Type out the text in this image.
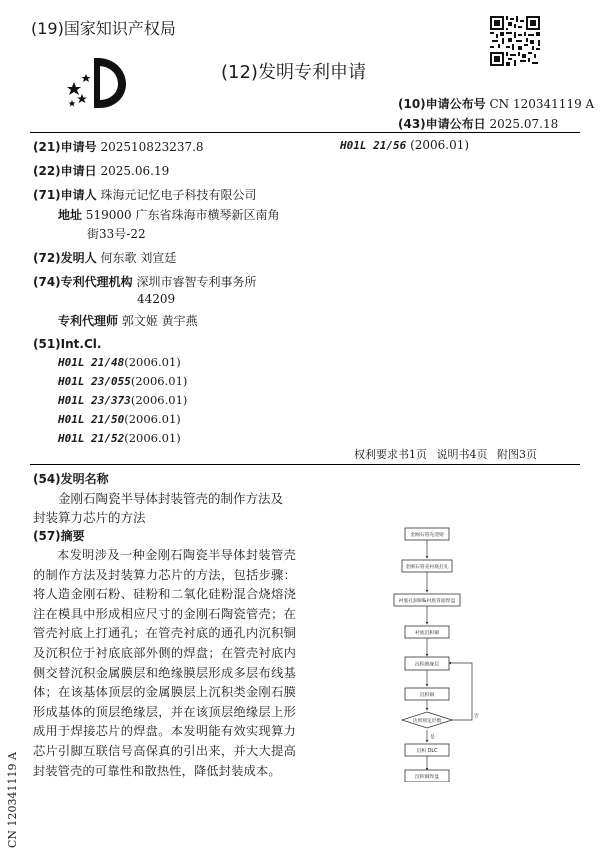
(19)国家知识产权局
(12)发明专利申请
(10)申请公布号 CN 120341119 A
(43)申请公布日 2025.07.18
(21)申请号 202510823237.8	H01L 21/56 (2006.01)
(22)申请日 2025.06.19
(71)申请人 珠海元记忆电子科技有限公司
地址 519000 广东省珠海市横琴新区南角
街33号-22
(72)发明人 何东歌 刘宣廷
(74)专利代理机构 深圳市睿智专利事务所
44209
专利代理师 郭文姬 黄宇燕
(51)Int.Cl.
H01L 21/48(2006.01)
H01L 23/055(2006.01)
H01L 23/373(2006.01)
H01L 21/50(2006.01)
H01L 21/52(2006.01)
权利要求书1页 说明书4页 附图3页
(54)发明名称
金刚石陶瓷半导体封装管壳的制作方法及
封装算力芯片的方法
(57)摘要
本发明涉及一种金刚石陶瓷半导体封装管壳的制作方法及封装算力芯片的方法，包括步骤：将人造金刚石粉、硅粉和二氧化硅粉混合烧熔浇注在模具中形成相应尺寸的金刚石陶瓷管壳；在管壳衬底上打通孔；在管壳衬底的通孔内沉积铜及沉积位于衬底底部外侧的焊盘；在管壳衬底内侧交替沉积金属膜层和绝缘膜层形成多层布线基体；在该基体顶层的金属膜层上沉积类金刚石膜形成基体的顶层绝缘层，并在该顶层绝缘层上形成用于焊接芯片的焊盘。本发明能有效实现算力芯片引脚互联信号高保真的引出来，并大大提高封装管壳的可靠性和散热性，降低封装成本。
金刚石管壳浇铸
金刚石管壳衬底打孔
衬底孔洞铜&衬底背面焊盘
衬底沉积铜
沉积绝缘层
沉积铜
达到预定层数
否
是
沉积 DLC
沉积铜焊盘
CN 120341119 A
